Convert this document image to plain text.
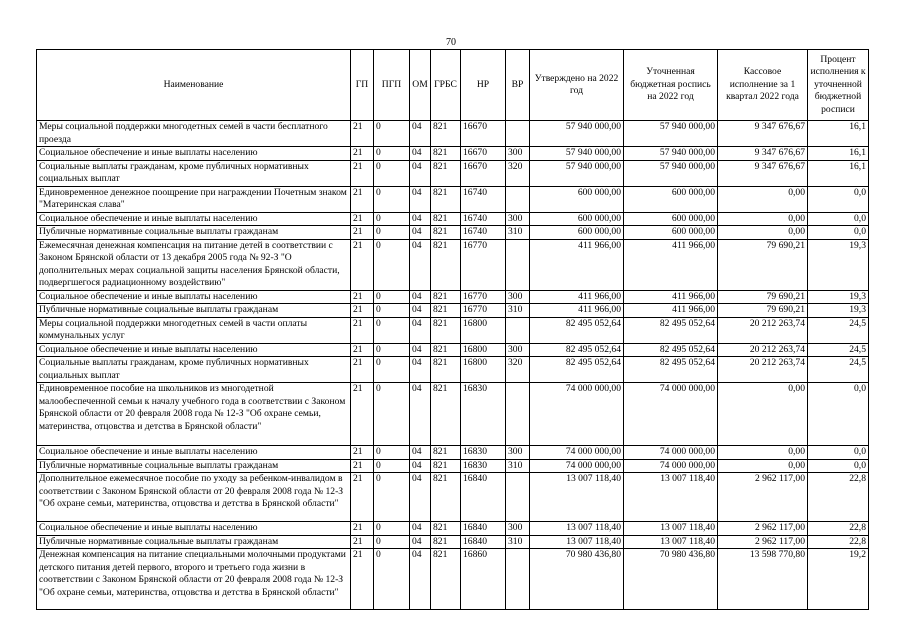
70
Наименование	ГП	ПГП	ОМ	ГРБС	НР	ВР	Утверждено на 2022 год	Уточненная бюджетная роспись на 2022 год	Кассовое исполнение за 1 квартал 2022 года	Процент исполнения к уточненной бюджетной росписи
Меры социальной поддержки многодетных семей в части бесплатного проезда	21	0	04	821	16670		57 940 000,00	57 940 000,00	9 347 676,67	16,1
Социальное обеспечение и иные выплаты населению	21	0	04	821	16670	300	57 940 000,00	57 940 000,00	9 347 676,67	16,1
Социальные выплаты гражданам, кроме публичных нормативных социальных выплат	21	0	04	821	16670	320	57 940 000,00	57 940 000,00	9 347 676,67	16,1
Единовременное денежное поощрение при награждении Почетным знаком "Материнская слава"	21	0	04	821	16740		600 000,00	600 000,00	0,00	0,0
Социальное обеспечение и иные выплаты населению	21	0	04	821	16740	300	600 000,00	600 000,00	0,00	0,0
Публичные нормативные социальные выплаты гражданам	21	0	04	821	16740	310	600 000,00	600 000,00	0,00	0,0
Ежемесячная денежная компенсация на питание детей в соответствии с Законом Брянской области от 13 декабря 2005 года № 92-З "О дополнительных мерах социальной защиты населения Брянской области, подвергшегося радиационному воздействию"	21	0	04	821	16770		411 966,00	411 966,00	79 690,21	19,3
Социальное обеспечение и иные выплаты населению	21	0	04	821	16770	300	411 966,00	411 966,00	79 690,21	19,3
Публичные нормативные социальные выплаты гражданам	21	0	04	821	16770	310	411 966,00	411 966,00	79 690,21	19,3
Меры социальной поддержки многодетных семей в части оплаты коммунальных услуг	21	0	04	821	16800		82 495 052,64	82 495 052,64	20 212 263,74	24,5
Социальное обеспечение и иные выплаты населению	21	0	04	821	16800	300	82 495 052,64	82 495 052,64	20 212 263,74	24,5
Социальные выплаты гражданам, кроме публичных нормативных социальных выплат	21	0	04	821	16800	320	82 495 052,64	82 495 052,64	20 212 263,74	24,5
Единовременное пособие на школьников из многодетной малообеспеченной семьи к началу учебного года в соответствии с Законом Брянской области от 20 февраля 2008 года № 12-З "Об охране семьи, материнства, отцовства и детства в Брянской области"	21	0	04	821	16830		74 000 000,00	74 000 000,00	0,00	0,0
Социальное обеспечение и иные выплаты населению	21	0	04	821	16830	300	74 000 000,00	74 000 000,00	0,00	0,0
Публичные нормативные социальные выплаты гражданам	21	0	04	821	16830	310	74 000 000,00	74 000 000,00	0,00	0,0
Дополнительное ежемесячное пособие по уходу за ребенком-инвалидом в соответствии с Законом Брянской области от 20 февраля 2008 года № 12-З "Об охране семьи, материнства, отцовства и детства в Брянской области"	21	0	04	821	16840		13 007 118,40	13 007 118,40	2 962 117,00	22,8
Социальное обеспечение и иные выплаты населению	21	0	04	821	16840	300	13 007 118,40	13 007 118,40	2 962 117,00	22,8
Публичные нормативные социальные выплаты гражданам	21	0	04	821	16840	310	13 007 118,40	13 007 118,40	2 962 117,00	22,8
Денежная компенсация на питание специальными молочными продуктами детского питания детей первого, второго и третьего года жизни в соответствии с Законом Брянской области от 20 февраля 2008 года № 12-З "Об охране семьи, материнства, отцовства и детства в Брянской области"	21	0	04	821	16860		70 980 436,80	70 980 436,80	13 598 770,80	19,2
